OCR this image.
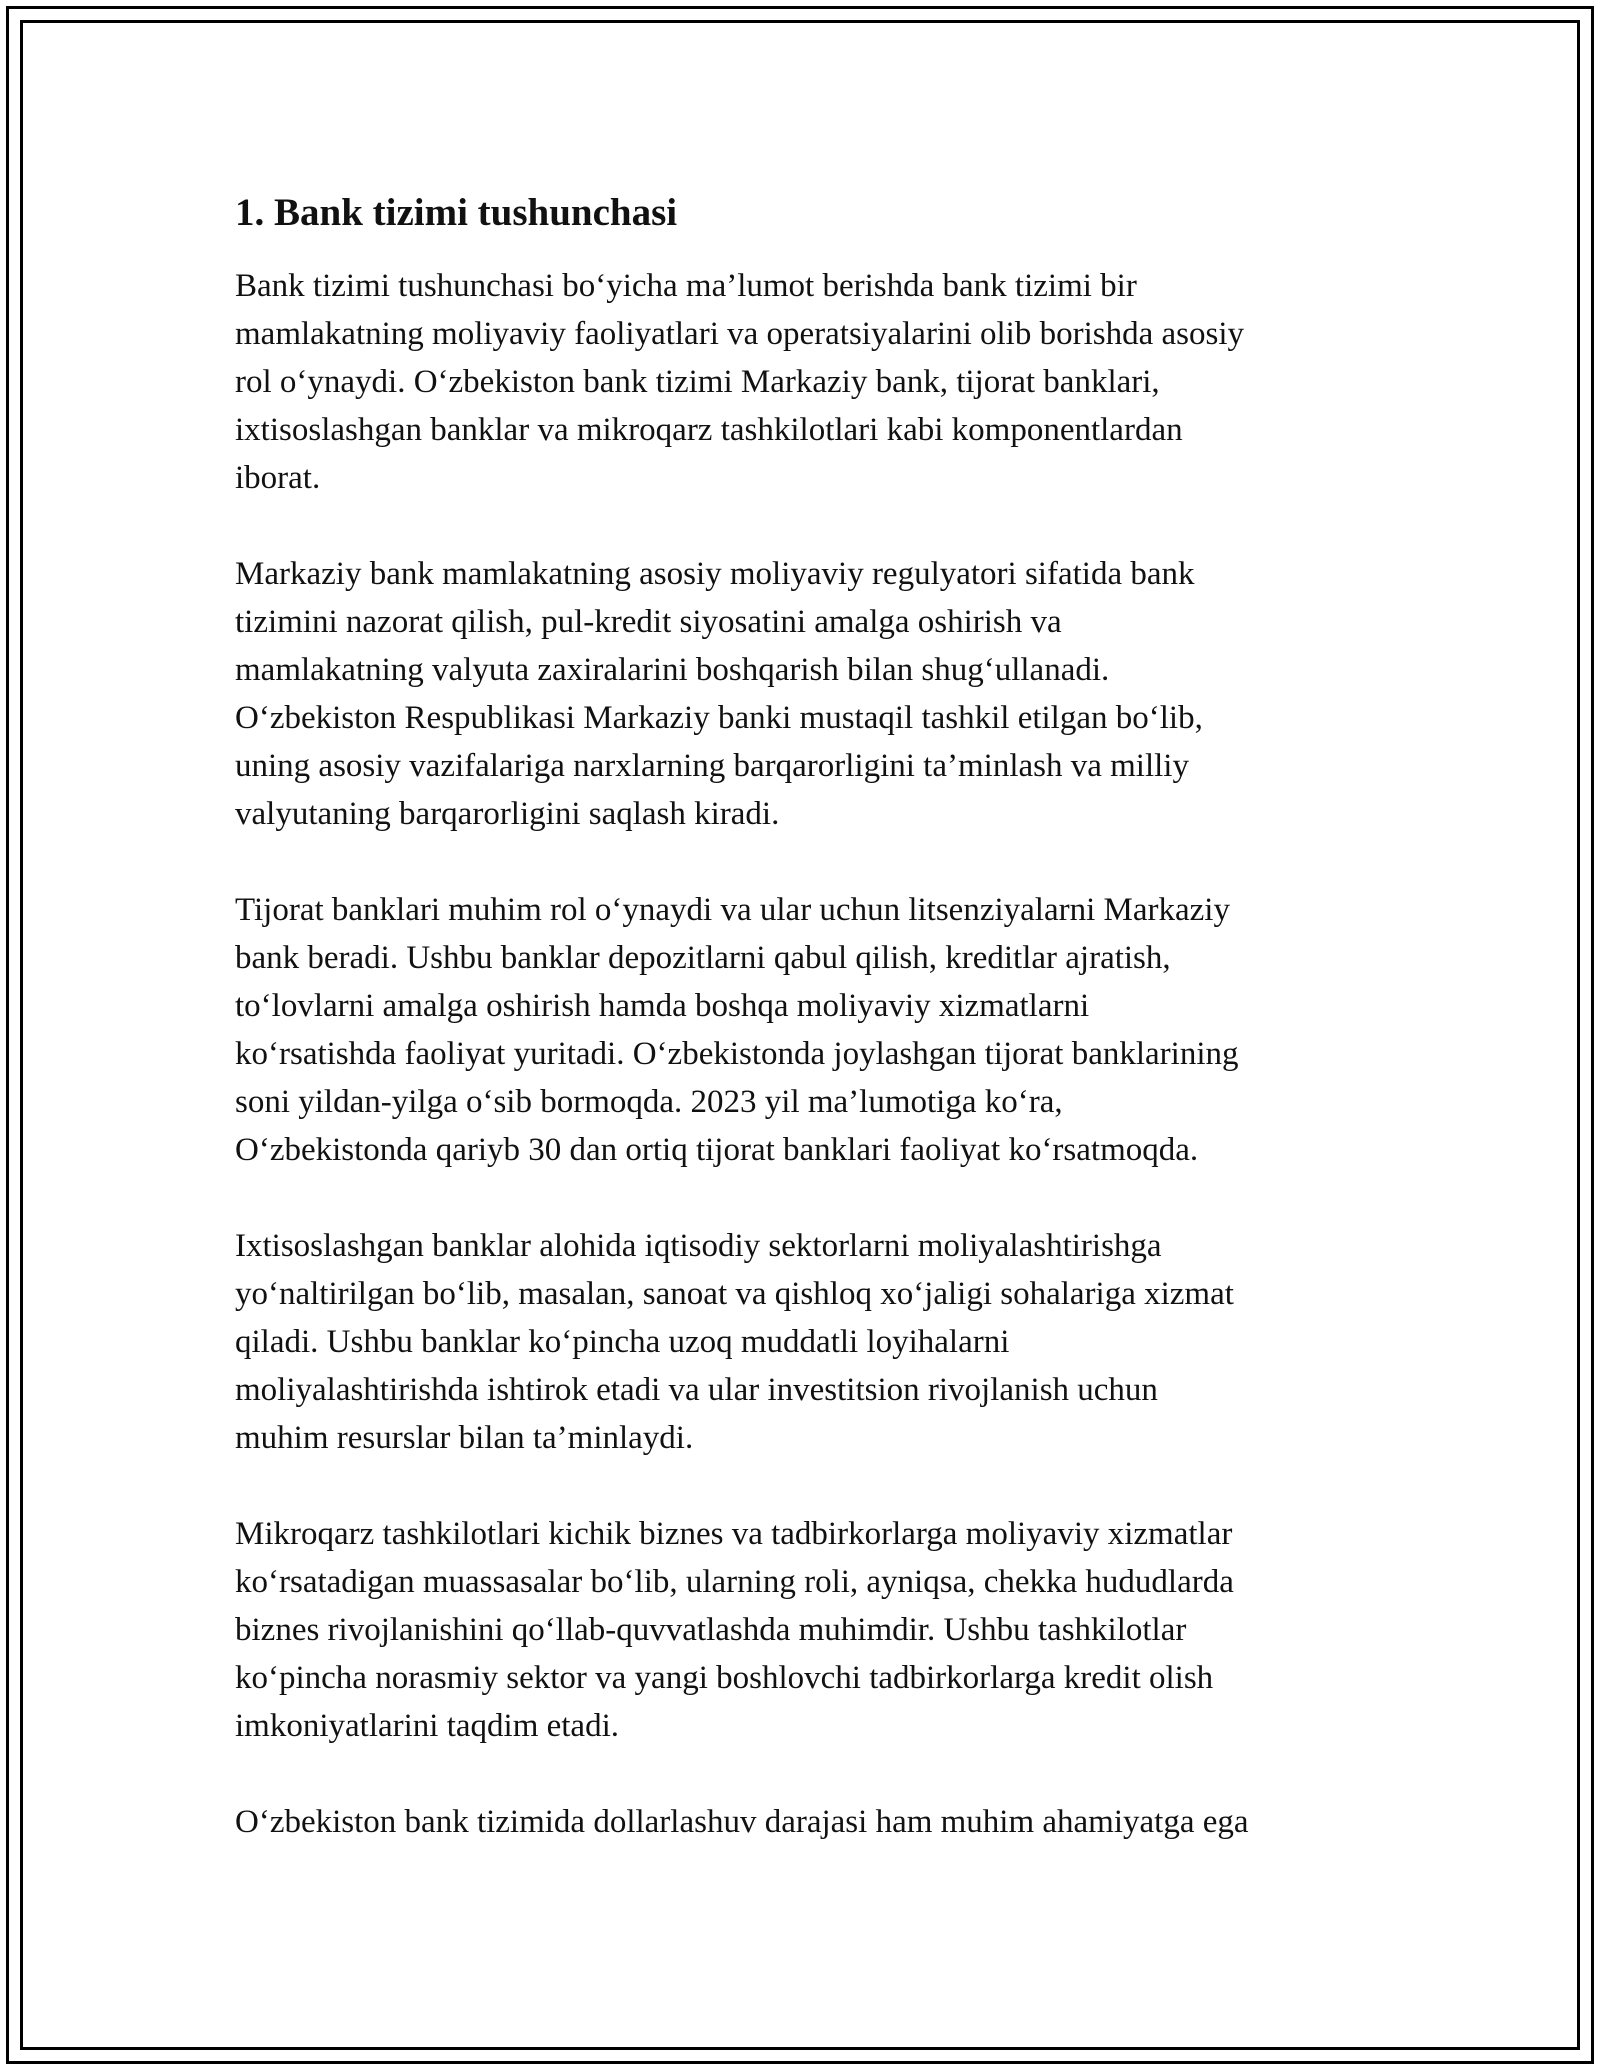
1. Bank tizimi tushunchasi

Bank tizimi tushunchasi bo‘yicha ma’lumot berishda bank tizimi bir
mamlakatning moliyaviy faoliyatlari va operatsiyalarini olib borishda asosiy
rol o‘ynaydi. O‘zbekiston bank tizimi Markaziy bank, tijorat banklari,
ixtisoslashgan banklar va mikroqarz tashkilotlari kabi komponentlardan
iborat.

Markaziy bank mamlakatning asosiy moliyaviy regulyatori sifatida bank
tizimini nazorat qilish, pul-kredit siyosatini amalga oshirish va
mamlakatning valyuta zaxiralarini boshqarish bilan shug‘ullanadi.
O‘zbekiston Respublikasi Markaziy banki mustaqil tashkil etilgan bo‘lib,
uning asosiy vazifalariga narxlarning barqarorligini ta’minlash va milliy
valyutaning barqarorligini saqlash kiradi.

Tijorat banklari muhim rol o‘ynaydi va ular uchun litsenziyalarni Markaziy
bank beradi. Ushbu banklar depozitlarni qabul qilish, kreditlar ajratish,
to‘lovlarni amalga oshirish hamda boshqa moliyaviy xizmatlarni
ko‘rsatishda faoliyat yuritadi. O‘zbekistonda joylashgan tijorat banklarining
soni yildan-yilga o‘sib bormoqda. 2023 yil ma’lumotiga ko‘ra,
O‘zbekistonda qariyb 30 dan ortiq tijorat banklari faoliyat ko‘rsatmoqda.

Ixtisoslashgan banklar alohida iqtisodiy sektorlarni moliyalashtirishga
yo‘naltirilgan bo‘lib, masalan, sanoat va qishloq xo‘jaligi sohalariga xizmat
qiladi. Ushbu banklar ko‘pincha uzoq muddatli loyihalarni
moliyalashtirishda ishtirok etadi va ular investitsion rivojlanish uchun
muhim resurslar bilan ta’minlaydi.

Mikroqarz tashkilotlari kichik biznes va tadbirkorlarga moliyaviy xizmatlar
ko‘rsatadigan muassasalar bo‘lib, ularning roli, ayniqsa, chekka hududlarda
biznes rivojlanishini qo‘llab-quvvatlashda muhimdir. Ushbu tashkilotlar
ko‘pincha norasmiy sektor va yangi boshlovchi tadbirkorlarga kredit olish
imkoniyatlarini taqdim etadi.

O‘zbekiston bank tizimida dollarlashuv darajasi ham muhim ahamiyatga ega
